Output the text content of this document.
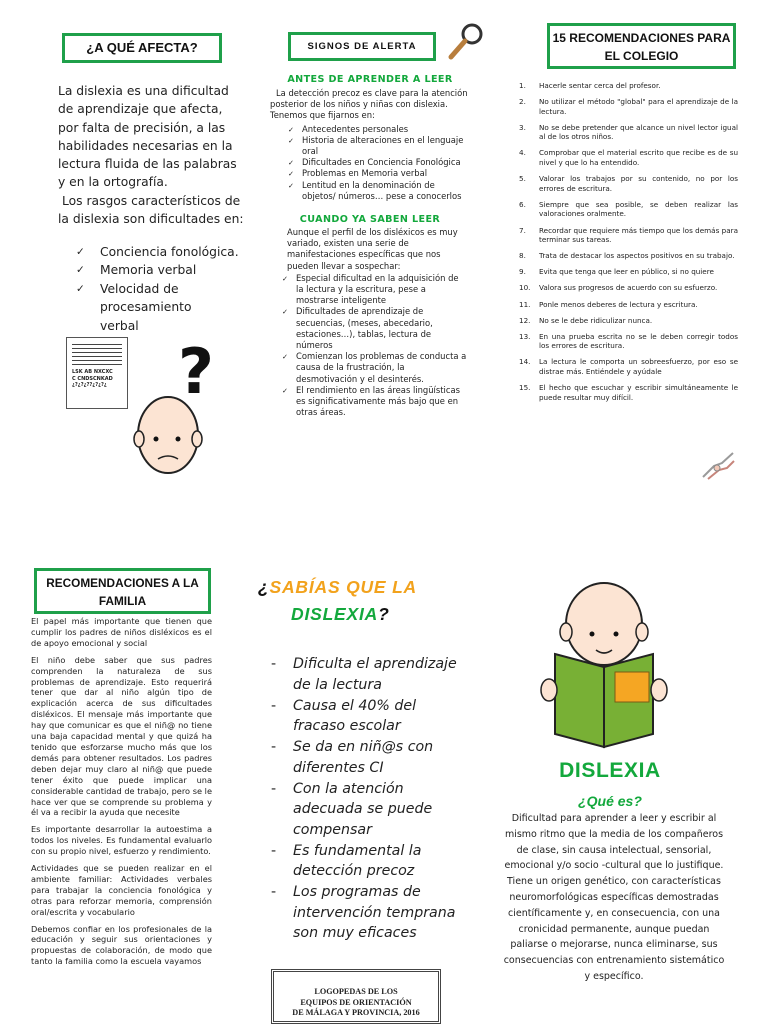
¿A QUÉ AFECTA?

La dislexia es una dificultad de aprendizaje que afecta, por falta de precisión, a las habilidades necesarias en la lectura fluida de las palabras y en la ortografía.

Los rasgos característicos de la dislexia son dificultades en:

✓ Conciencia fonológica.
✓ Memoria verbal
✓ Velocidad de procesamiento verbal
LSK AB NXCXC
C CNDSCNKAD
¿?¿?¿??¿?¿?¿ ?
SIGNOS DE ALERTA
ANTES DE APRENDER A LEER

La detección precoz es clave para la atención posterior de los niños y niñas con dislexia. Tenemos que fijarnos en:

✓ Antecedentes personales
✓ Historia de alteraciones en el lenguaje oral
✓ Dificultades en Conciencia Fonológica
✓ Problemas en Memoria verbal
✓ Lentitud en la denominación de objetos/ números… pese a conocerlos
CUANDO YA SABEN LEER

Aunque el perfil de los disléxicos es muy variado, existen una serie de manifestaciones específicas que nos pueden llevar a sospechar:

✓ Especial dificultad en la adquisición de la lectura y la escritura, pese a mostrarse inteligente
✓ Dificultades de aprendizaje de secuencias, (meses, abecedario, estaciones…), tablas, lectura de números
✓ Comienzan los problemas de conducta a causa de la frustración, la desmotivación y el desinterés.
✓ El rendimiento en las áreas lingüísticas es significativamente más bajo que en otras áreas.
15 RECOMENDACIONES PARA EL COLEGIO
1. Hacerle sentar cerca del profesor.
2. No utilizar el método "global" para el aprendizaje de la lectura.
3. No se debe pretender que alcance un nivel lector igual al de los otros niños.
4. Comprobar que el material escrito que recibe es de su nivel y que lo ha entendido.
5. Valorar los trabajos por su contenido, no por los errores de escritura.
6. Siempre que sea posible, se deben realizar las valoraciones oralmente.
7. Recordar que requiere más tiempo que los demás para terminar sus tareas.
8. Trata de destacar los aspectos positivos en su trabajo.
9. Evita que tenga que leer en público, si no quiere
10. Valora sus progresos de acuerdo con su esfuerzo.
11. Ponle menos deberes de lectura y escritura.
12. No se le debe ridiculizar nunca.
13. En una prueba escrita no se le deben corregir todos los errores de escritura.
14. La lectura le comporta un sobreesfuerzo, por eso se distrae más. Entiéndele y ayúdale
15. El hecho que escuchar y escribir simultáneamente le puede resultar muy difícil.
RECOMENDACIONES A LA FAMILIA

El papel más importante que tienen que cumplir los padres de niños disléxicos es el de apoyo emocional y social

El niño debe saber que sus padres comprenden la naturaleza de sus problemas de aprendizaje. Esto requerirá tener que dar al niño algún tipo de explicación acerca de sus dificultades disléxicos. El mensaje más importante que hay que comunicar es que el niñ@ no tiene una baja capacidad mental y que quizá ha tenido que esforzarse mucho más que los demás para obtener resultados. Los padres deben dejar muy claro al niñ@ que puede tener éxito que puede implicar una considerable cantidad de trabajo, pero se le hace ver que se comprende su problema y él va a recibir la ayuda que necesite

Es importante desarrollar la autoestima a todos los niveles. Es fundamental evaluarlo con su propio nivel, esfuerzo y rendimiento.

Actividades que se pueden realizar en el ambiente familiar: Actividades verbales para trabajar la conciencia fonológica y otras para reforzar memoria, comprensión oral/escrita y vocabulario

Debemos confiar en los profesionales de la educación y seguir sus orientaciones y propuestas de colaboración, de modo que tanto la familia como la escuela vayamos

¿SABÍAS QUE LA
DISLEXIA?
- Dificulta el aprendizaje de la lectura
- Causa el 40% del fracaso escolar
- Se da en niñ@s con diferentes CI
- Con la atención adecuada se puede compensar
- Es fundamental la detección precoz
- Los programas de intervención temprana son muy eficaces
LOGOPEDAS DE LOS
EQUIPOS DE ORIENTACIÓN
DE MÁLAGA Y PROVINCIA, 2016
DISLEXIA
¿Qué es?

Dificultad para aprender a leer y escribir al mismo ritmo que la media de los compañeros de clase, sin causa intelectual, sensorial, emocional y/o socio -cultural que lo justifique. Tiene un origen genético, con características neuromorfológicas específicas demostradas científicamente y, en consecuencia, con una cronicidad permanente, aunque puedan paliarse o mejorarse, nunca eliminarse, sus consecuencias con entrenamiento sistemático y específico.
